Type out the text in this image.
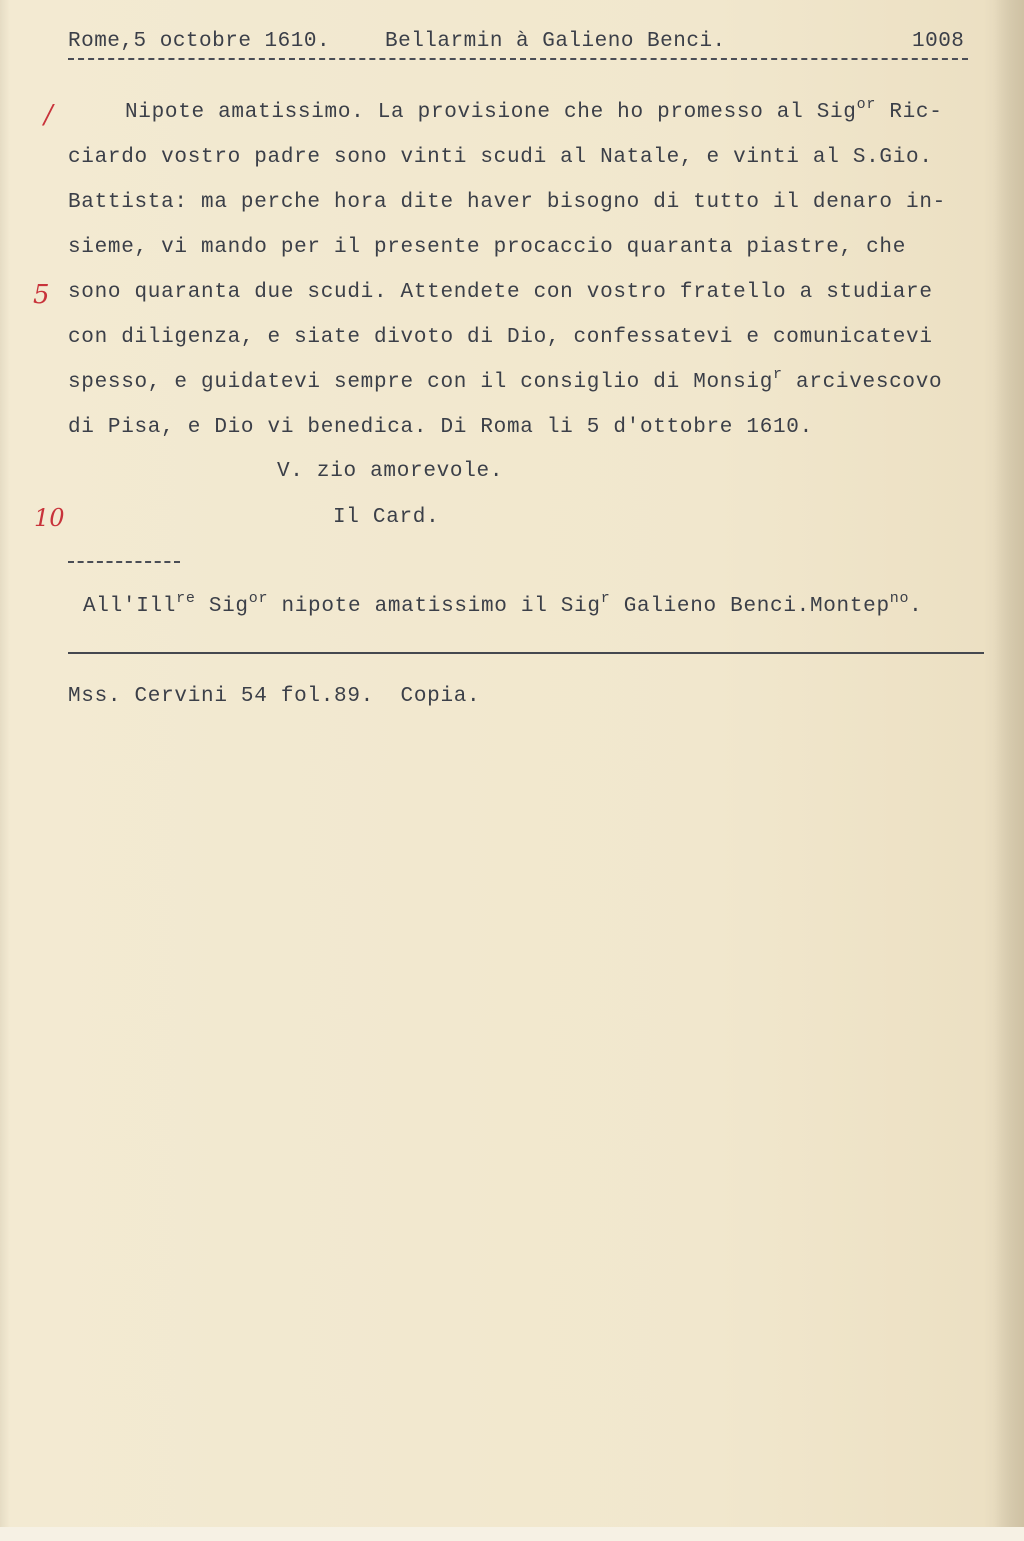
Rome,5 octobre 1610.	Bellarmin à Galieno Benci.	1008
/
5
10
Nipote amatissimo. La provisione che ho promesso al Sig$^{or}$ Ric-
ciardo vostro padre sono vinti scudi al Natale, e vinti al S.Gio.
Battista: ma perche hora dite haver bisogno di tutto il denaro in-
sieme, vi mando per il presente procaccio quaranta piastre, che
sono quaranta due scudi. Attendete con vostro fratello a studiare
con diligenza, e siate divoto di Dio, confessatevi e comunicatevi
spesso, e guidatevi sempre con il consiglio di Monsig$^r$ arcivescovo
di Pisa, e Dio vi benedica. Di Roma li 5 d'ottobre 1610.
V. zio amorevole.
Il Card.
All'Ill$^{re}$ Sig$^{or}$ nipote amatissimo il Sig$^r$ Galieno Benci.Montep$^{no}$.
Mss. Cervini 54 fol.89.  Copia.
